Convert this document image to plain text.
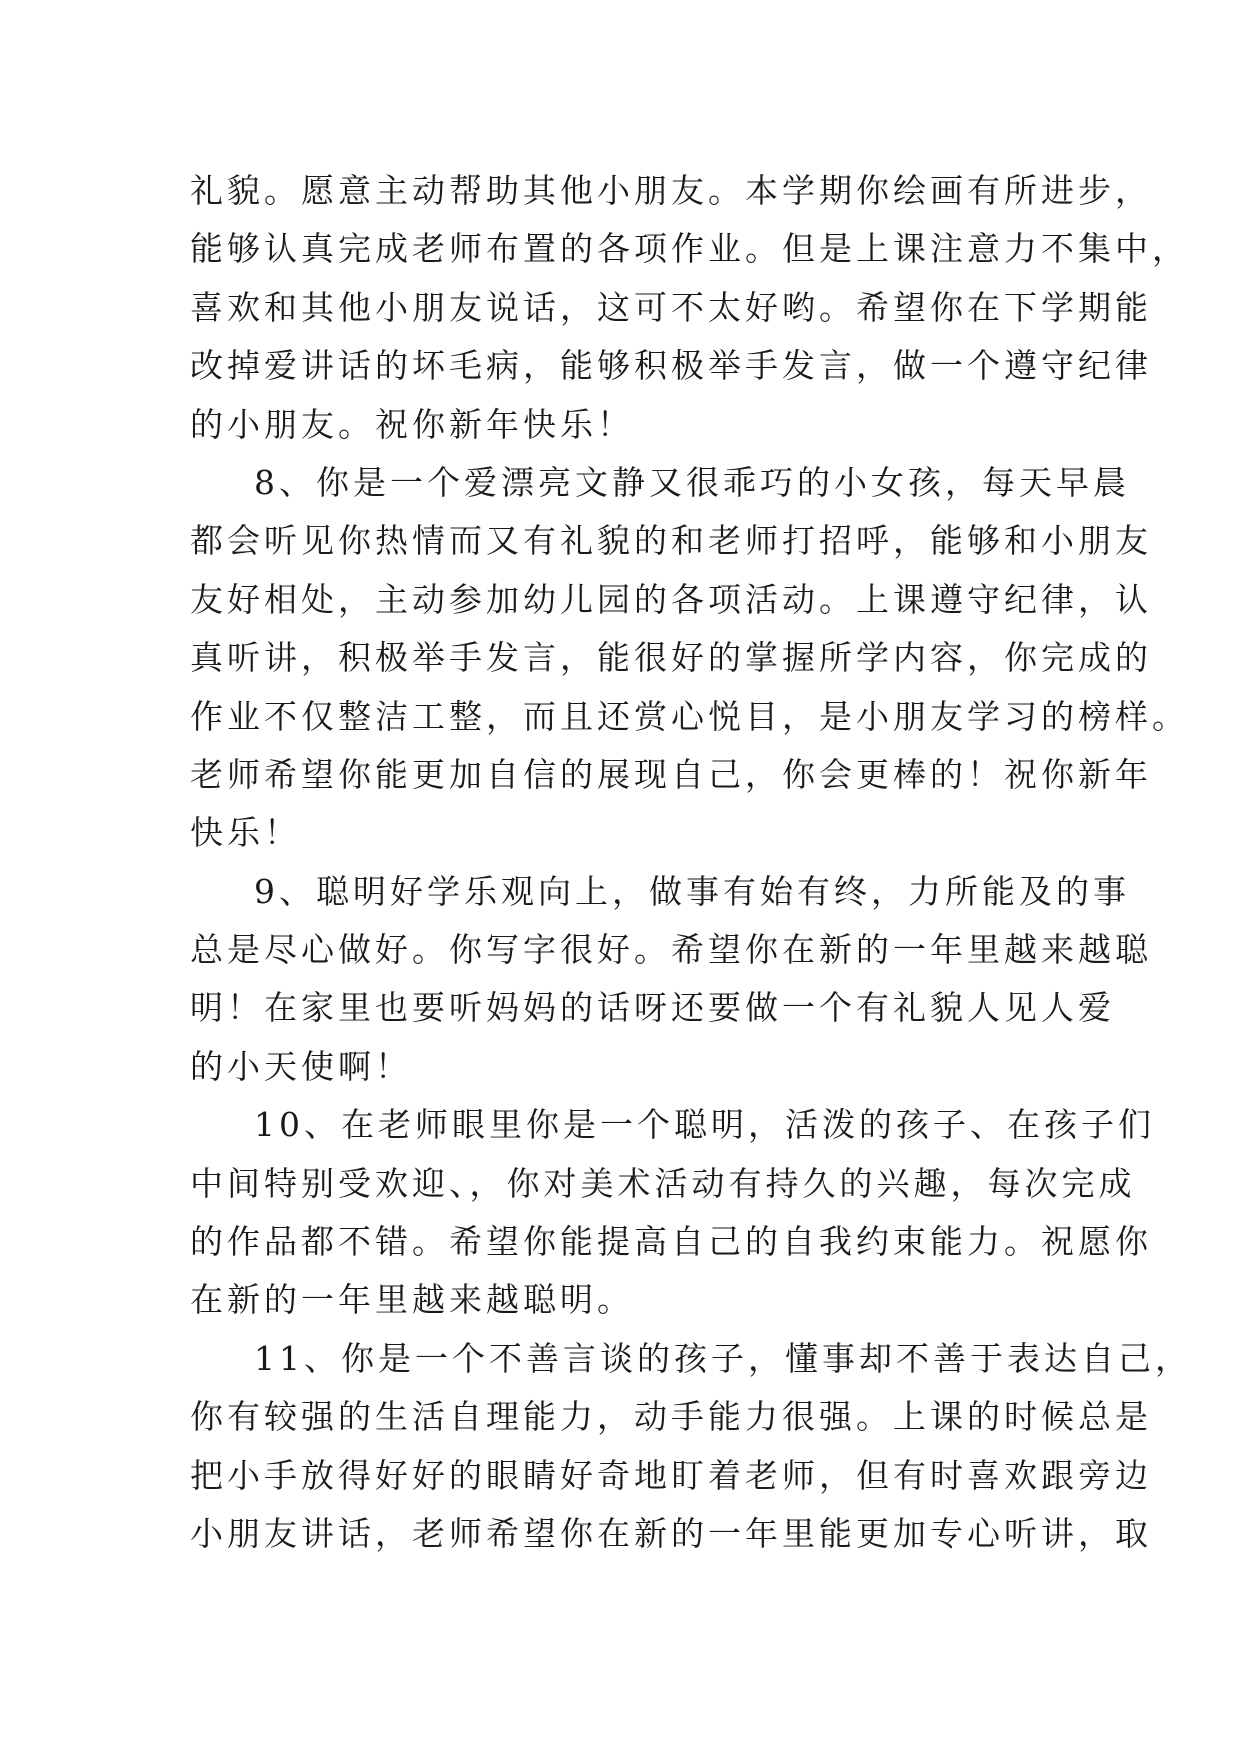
礼貌。愿意主动帮助其他小朋友。本学期你绘画有所进步，
能够认真完成老师布置的各项作业。但是上课注意力不集中，
喜欢和其他小朋友说话，这可不太好哟。希望你在下学期能
改掉爱讲话的坏毛病，能够积极举手发言，做一个遵守纪律
的小朋友。祝你新年快乐！
8、你是一个爱漂亮文静又很乖巧的小女孩，每天早晨
都会听见你热情而又有礼貌的和老师打招呼，能够和小朋友
友好相处，主动参加幼儿园的各项活动。上课遵守纪律，认
真听讲，积极举手发言，能很好的掌握所学内容，你完成的
作业不仅整洁工整，而且还赏心悦目，是小朋友学习的榜样。
老师希望你能更加自信的展现自己，你会更棒的！祝你新年
快乐！
9、聪明好学乐观向上，做事有始有终，力所能及的事
总是尽心做好。你写字很好。希望你在新的一年里越来越聪
明！在家里也要听妈妈的话呀还要做一个有礼貌人见人爱
的小天使啊！
10、在老师眼里你是一个聪明，活泼的孩子、在孩子们
中间特别受欢迎、，你对美术活动有持久的兴趣，每次完成
的作品都不错。希望你能提高自己的自我约束能力。祝愿你
在新的一年里越来越聪明。
11、你是一个不善言谈的孩子，懂事却不善于表达自己，
你有较强的生活自理能力，动手能力很强。上课的时候总是
把小手放得好好的眼睛好奇地盯着老师，但有时喜欢跟旁边
小朋友讲话，老师希望你在新的一年里能更加专心听讲，取
